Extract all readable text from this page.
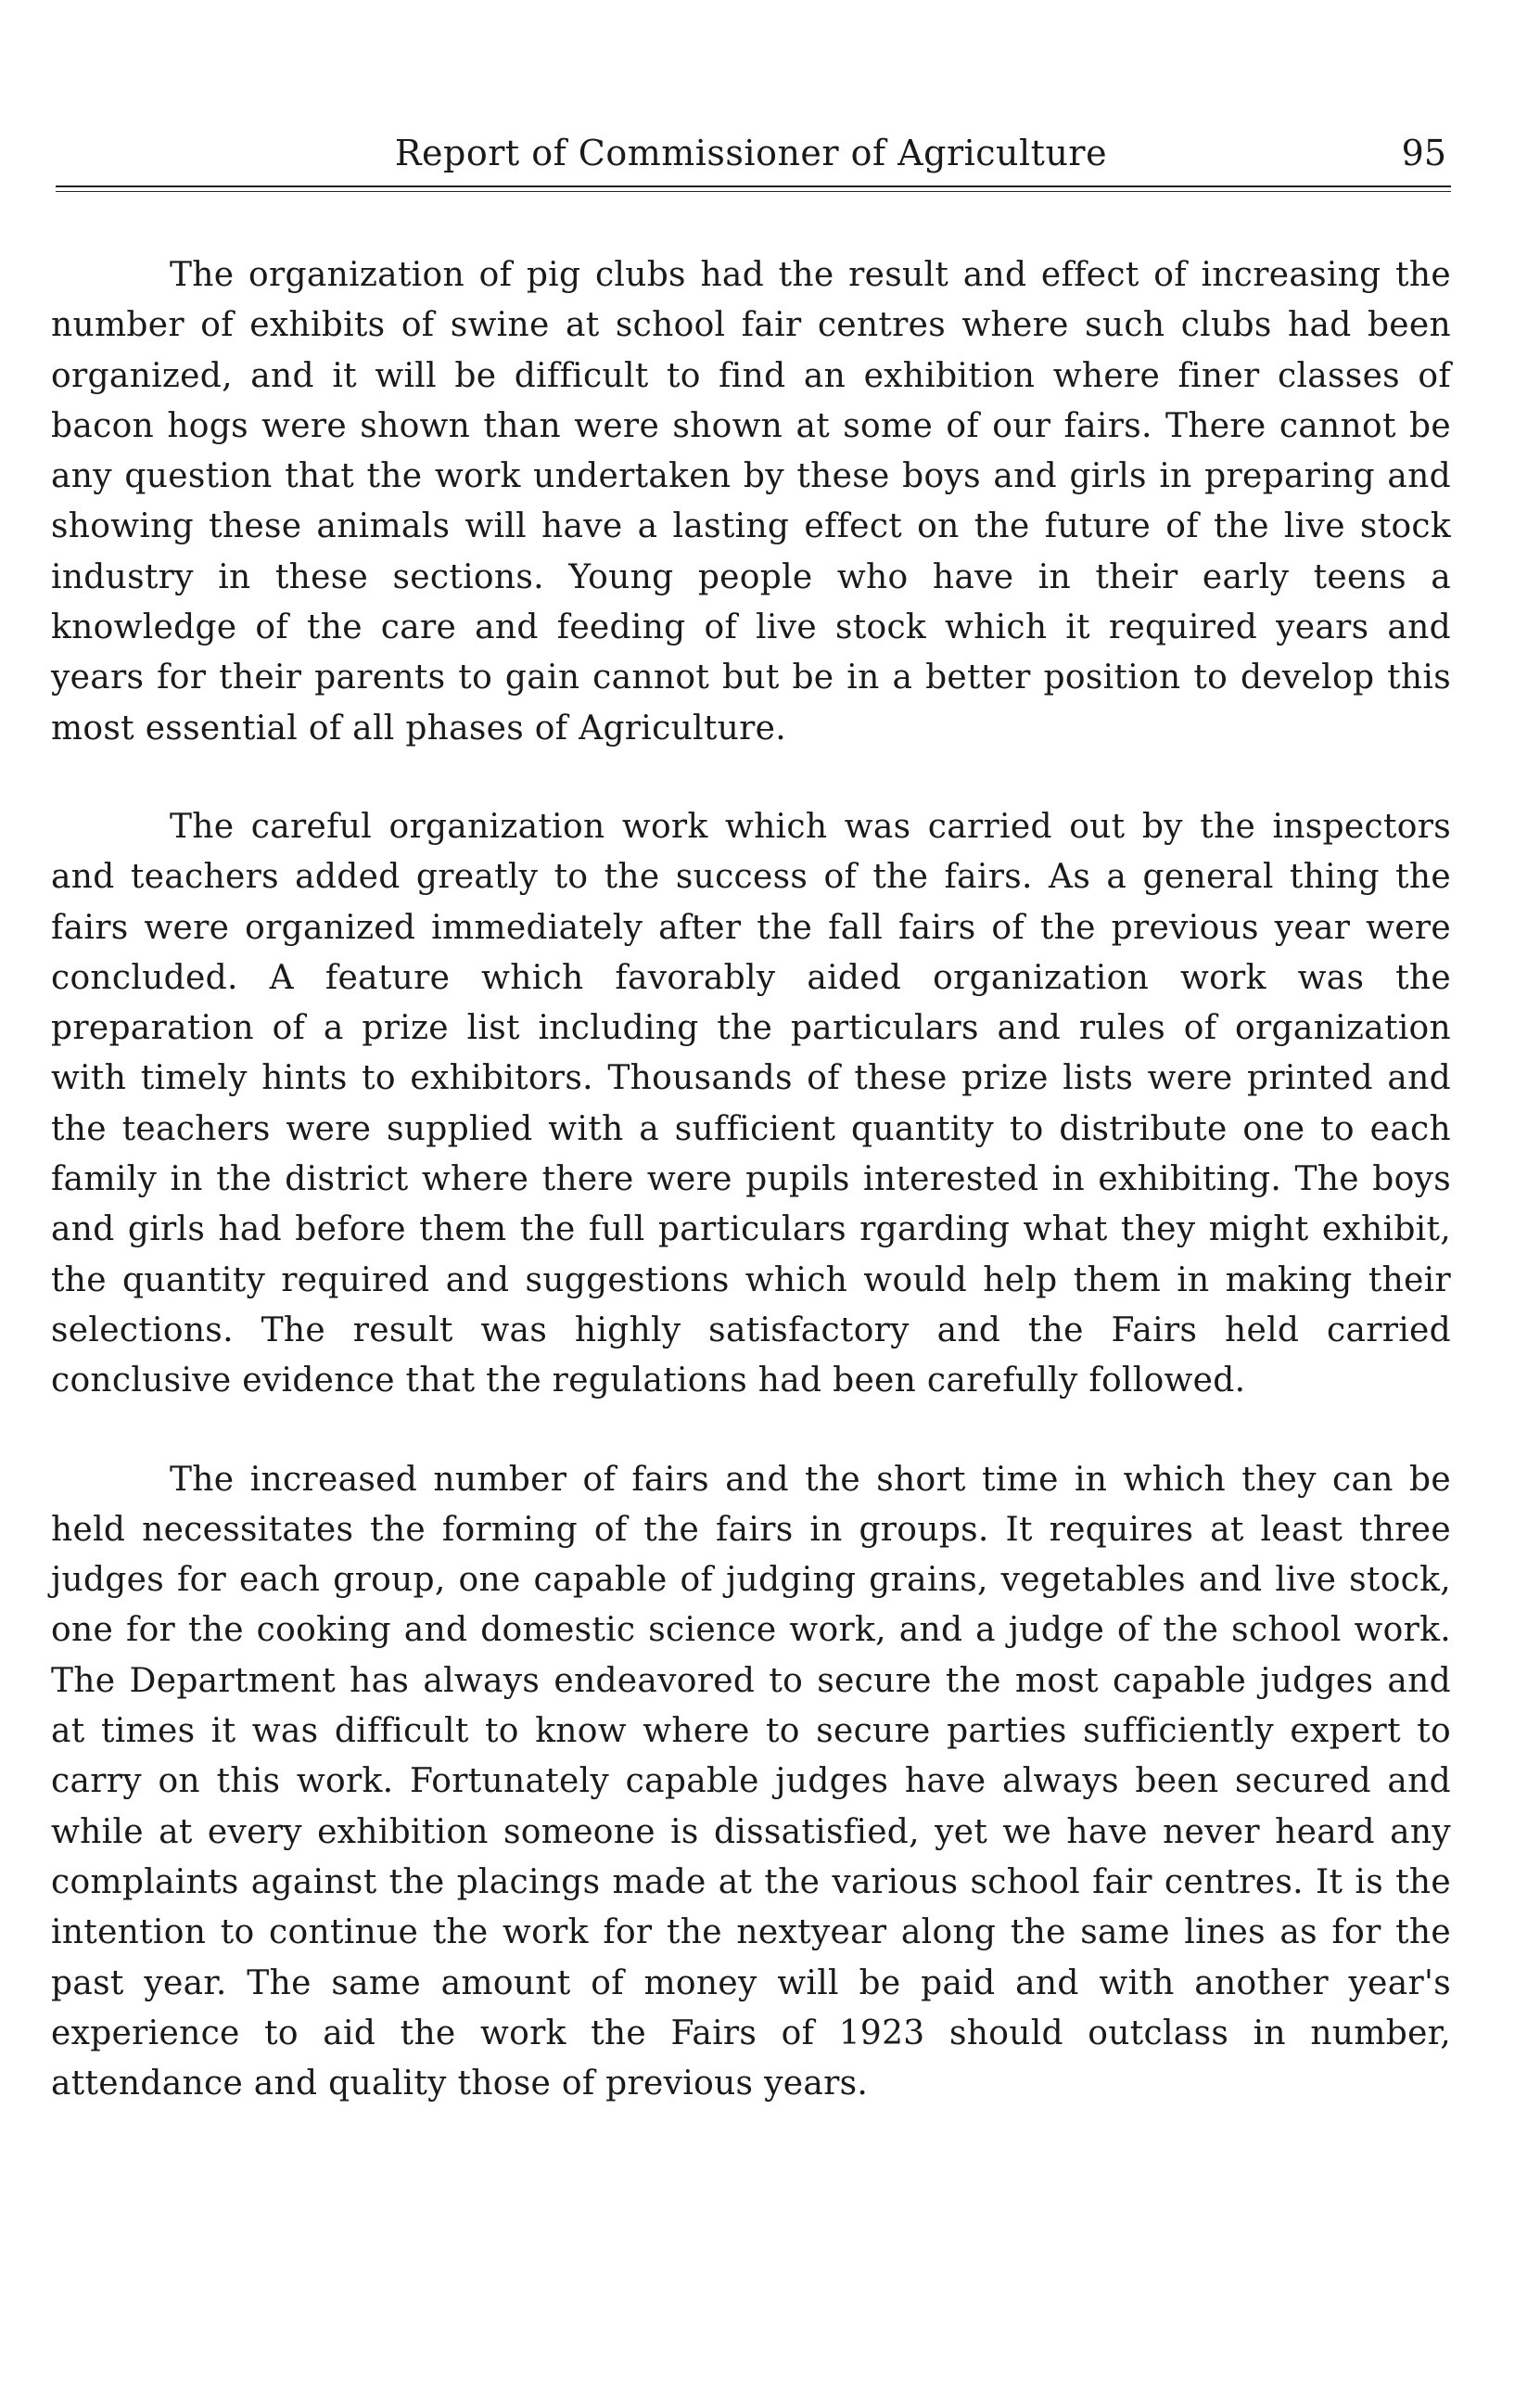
Report of Commissioner of Agriculture	95

The organization of pig clubs had the result and effect of increasing the number of exhibits of swine at school fair centres where such clubs had been organized, and it will be difficult to find an exhibition where finer classes of bacon hogs were shown than were shown at some of our fairs. There cannot be any question that the work undertaken by these boys and girls in preparing and showing these animals will have a lasting effect on the future of the live stock industry in these sections. Young people who have in their early teens a knowledge of the care and feeding of live stock which it required years and years for their parents to gain cannot but be in a better position to develop this most essential of all phases of Agriculture.

The careful organization work which was carried out by the inspectors and teachers added greatly to the success of the fairs. As a general thing the fairs were organized immediately after the fall fairs of the previous year were concluded. A feature which favorably aided organization work was the preparation of a prize list including the particulars and rules of organization with timely hints to exhibitors. Thousands of these prize lists were printed and the teachers were supplied with a sufficient quantity to distribute one to each family in the district where there were pupils interested in exhibiting. The boys and girls had before them the full particulars rgarding what they might exhibit, the quantity required and suggestions which would help them in making their selections. The result was highly satisfactory and the Fairs held carried conclusive evidence that the regulations had been carefully followed.

The increased number of fairs and the short time in which they can be held necessitates the forming of the fairs in groups. It requires at least three judges for each group, one capable of judging grains, vegetables and live stock, one for the cooking and domestic science work, and a judge of the school work. The Department has always endeavored to secure the most capable judges and at times it was difficult to know where to secure parties sufficiently expert to carry on this work. Fortunately capable judges have always been secured and while at every exhibition someone is dissatisfied, yet we have never heard any complaints against the placings made at the various school fair centres. It is the intention to continue the work for the nextyear along the same lines as for the past year. The same amount of money will be paid and with another year's experience to aid the work the Fairs of 1923 should outclass in number, attendance and quality those of previous years.
